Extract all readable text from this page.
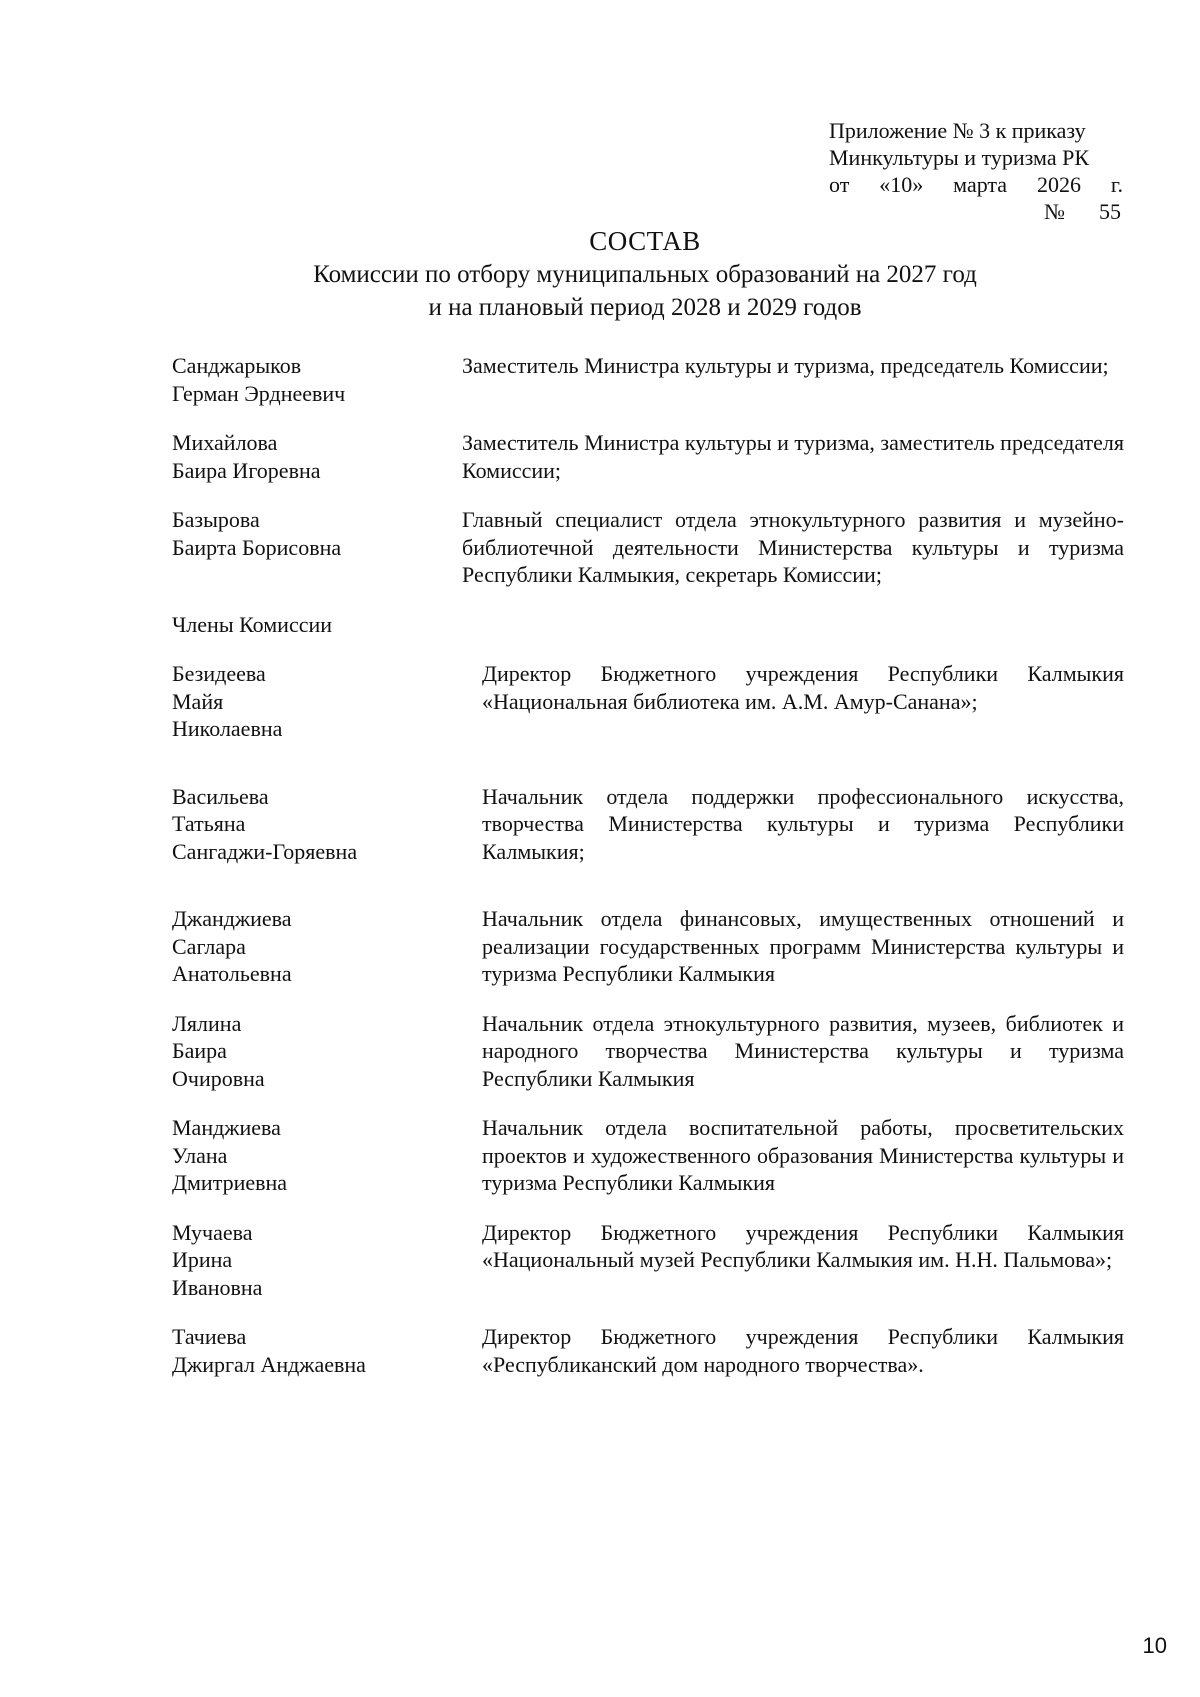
Приложение № 3 к приказу
Минкультуры и туризма РК
от «10» марта 2026 г.
№ 55
СОСТАВ
Комиссии по отбору муниципальных образований на 2027 год
и на плановый период 2028 и 2029 годов
Санджарыков
Герман Эрднеевич
Заместитель Министра культуры и туризма, председатель Комиссии;
Михайлова
Баира Игоревна
Заместитель Министра культуры и туризма, заместитель председателя Комиссии;
Базырова
Баирта Борисовна
Главный специалист отдела этнокультурного развития и музейно-библиотечной деятельности Министерства культуры и туризма Республики Калмыкия, секретарь Комиссии;
Члены Комиссии
Безидеева
Майя
Николаевна
Директор Бюджетного учреждения Республики Калмыкия «Национальная библиотека им. А.М. Амур-Санана»;
Васильева
Татьяна
Сангаджи-Горяевна
Начальник отдела поддержки профессионального искусства, творчества Министерства культуры и туризма Республики Калмыкия;
Джанджиева
Саглара
Анатольевна
Начальник отдела финансовых, имущественных отношений и реализации государственных программ Министерства культуры и туризма Республики Калмыкия
Лялина
Баира
Очировна
Начальник отдела этнокультурного развития, музеев, библиотек и народного творчества Министерства культуры и туризма Республики Калмыкия
Манджиева
Улана
Дмитриевна
Начальник отдела воспитательной работы, просветительских проектов и художественного образования Министерства культуры и туризма Республики Калмыкия
Мучаева
Ирина
Ивановна
Директор Бюджетного учреждения Республики Калмыкия «Национальный музей Республики Калмыкия им. Н.Н. Пальмова»;
Тачиева
Джиргал Анджаевна
Директор Бюджетного учреждения Республики Калмыкия «Республиканский дом народного творчества».
10
